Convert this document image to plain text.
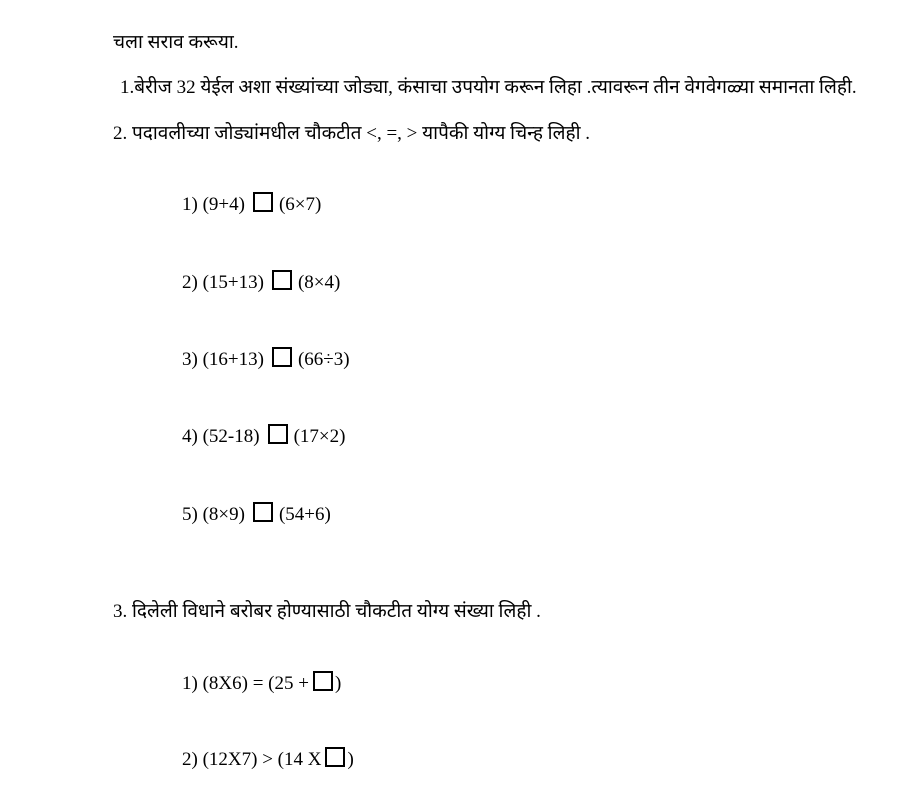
चला सराव करूया.
1.बेरीज 32 येईल अशा संख्यांच्या जोड्या, कंसाचा उपयोग करून लिहा .त्यावरून तीन वेगवेगळ्या समानता लिही.
2. पदावलीच्या जोड्यांमधील चौकटीत <, =, > यापैकी योग्य चिन्ह लिही .
1) (9+4) (6×7)
2) (15+13) (8×4)
3) (16+13) (66÷3)
4) (52-18) (17×2)
5) (8×9) (54+6)
3. दिलेली विधाने बरोबर होण्यासाठी चौकटीत योग्य संख्या लिही .
1) (8X6) = (25 + )
2) (12X7) > (14 X )
